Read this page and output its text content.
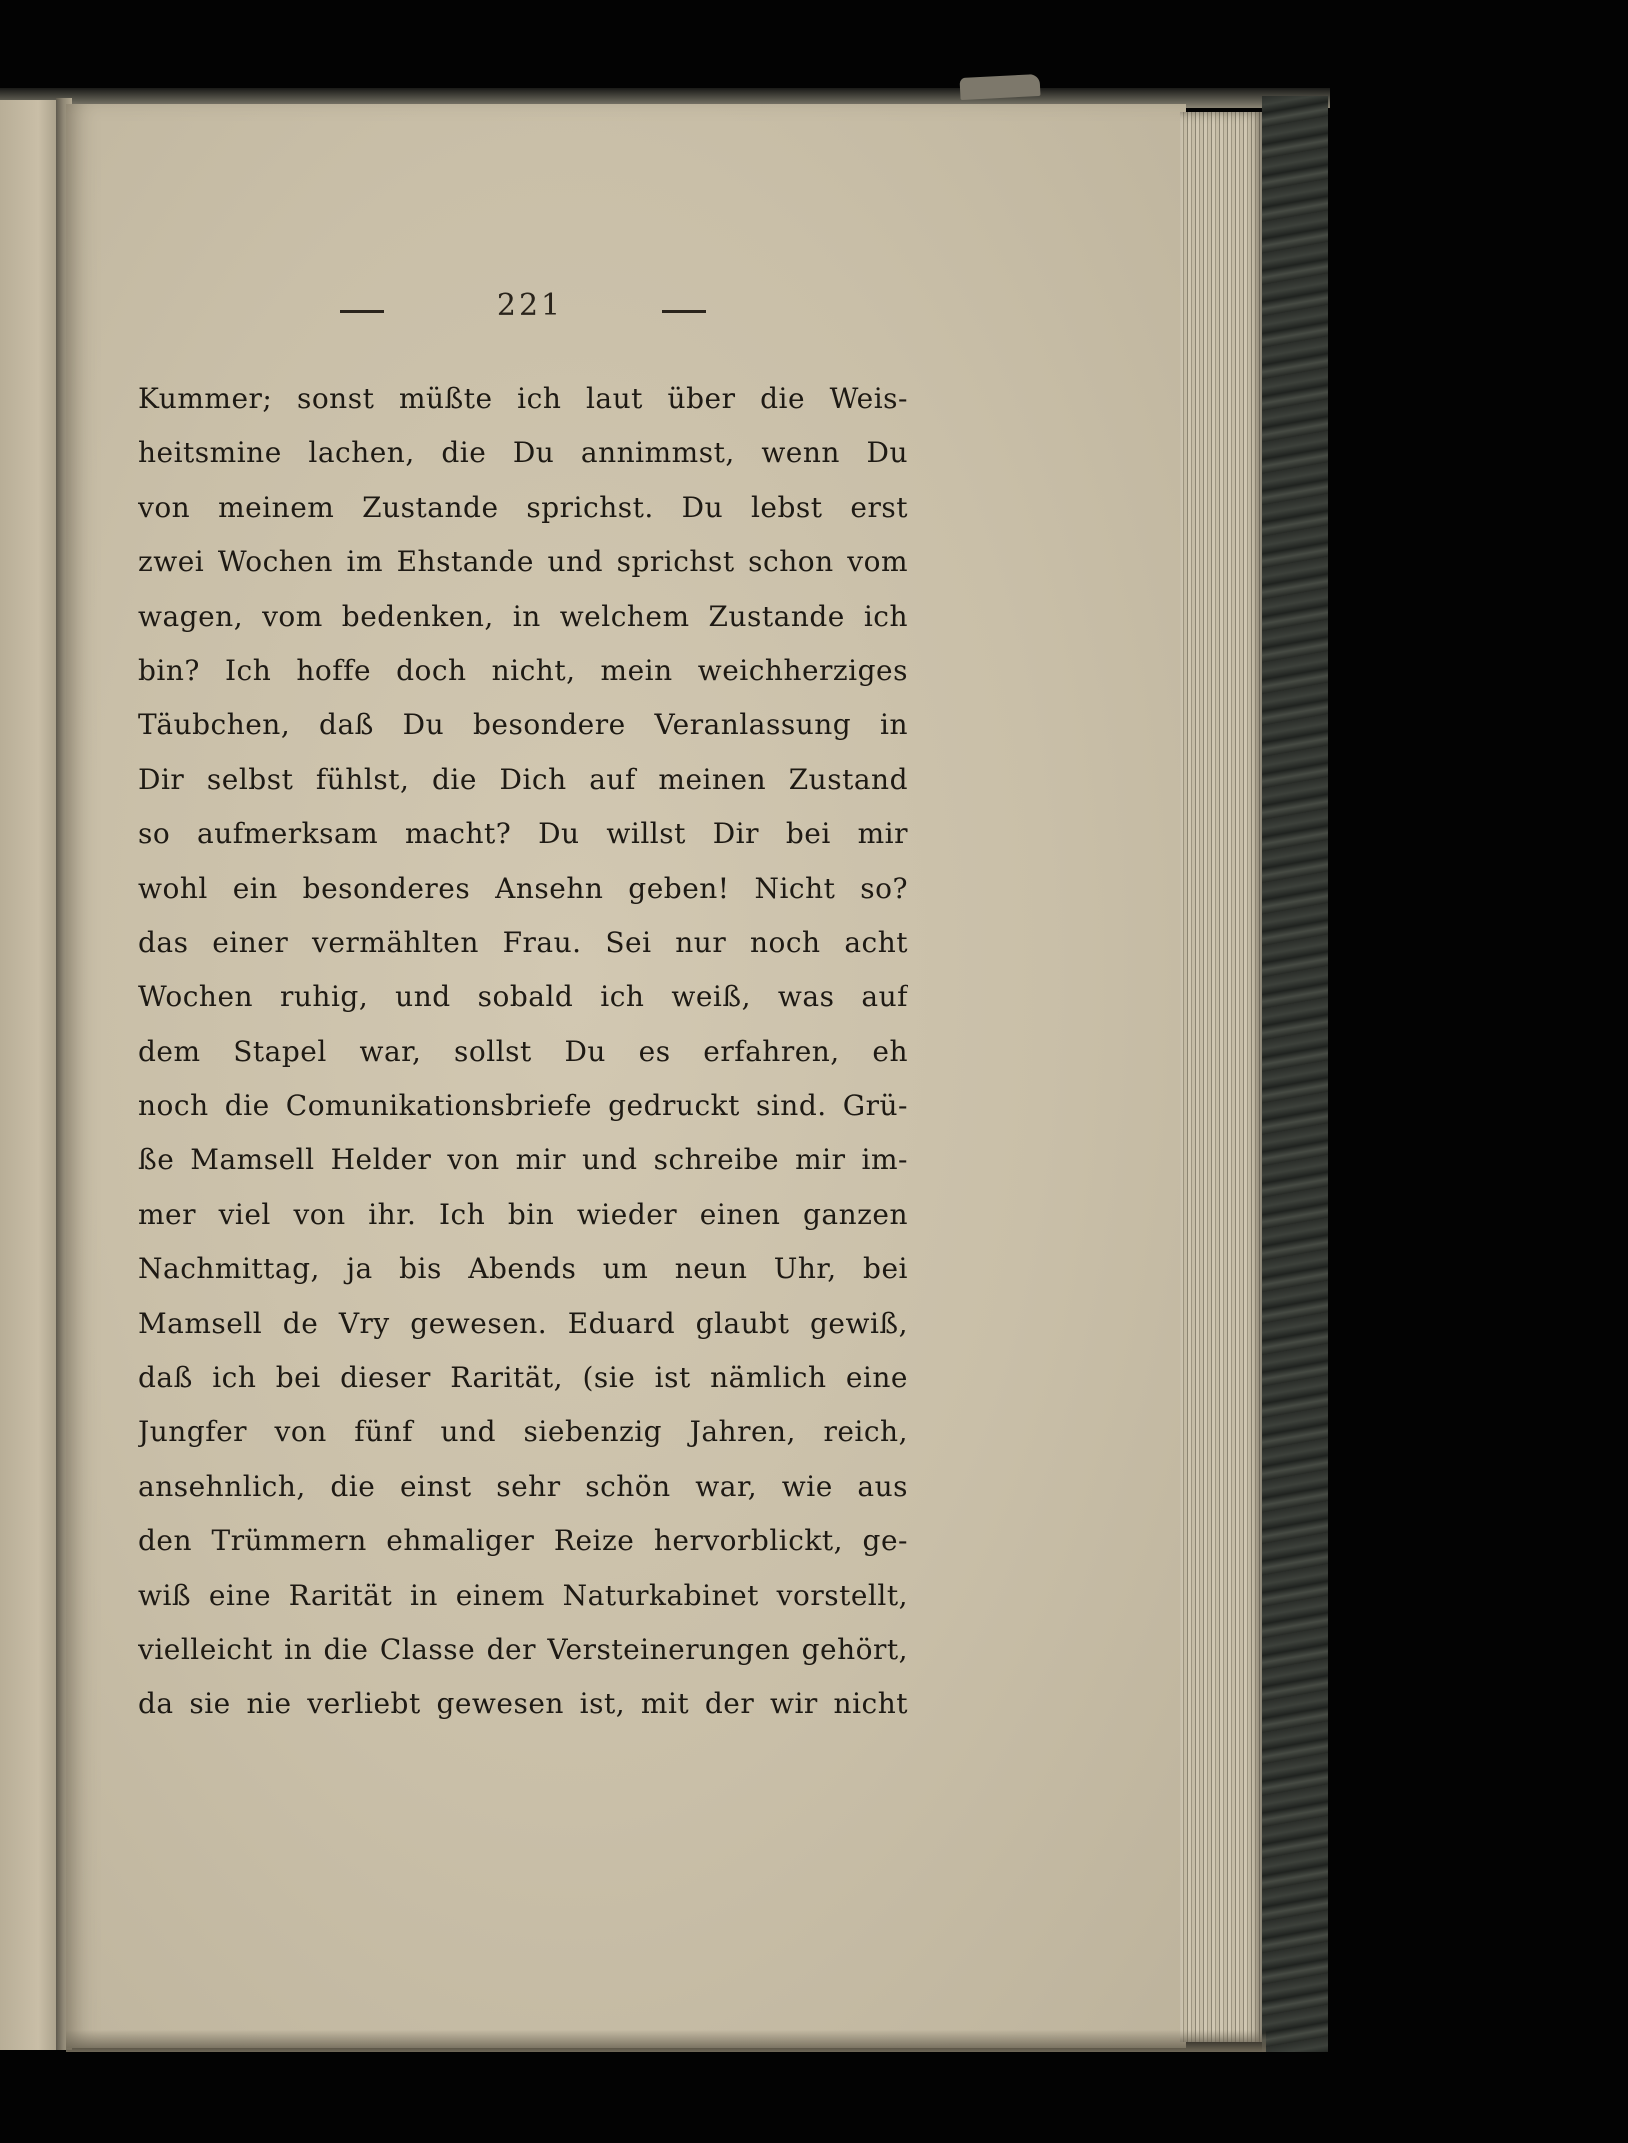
221
Kummer; sonst müßte ich laut über die Weis-
heitsmine lachen, die Du annimmst, wenn Du
von meinem Zustande sprichst. Du lebst erst
zwei Wochen im Ehstande und sprichst schon vom
wagen, vom bedenken, in welchem Zustande ich
bin? Ich hoffe doch nicht, mein weichherziges
Täubchen, daß Du besondere Veranlassung in
Dir selbst fühlst, die Dich auf meinen Zustand
so aufmerksam macht? Du willst Dir bei mir
wohl ein besonderes Ansehn geben! Nicht so?
das einer vermählten Frau. Sei nur noch acht
Wochen ruhig, und sobald ich weiß, was auf
dem Stapel war, sollst Du es erfahren, eh
noch die Comunikationsbriefe gedruckt sind. Grü-
ße Mamsell Helder von mir und schreibe mir im-
mer viel von ihr. Ich bin wieder einen ganzen
Nachmittag, ja bis Abends um neun Uhr, bei
Mamsell de Vry gewesen. Eduard glaubt gewiß,
daß ich bei dieser Rarität, (sie ist nämlich eine
Jungfer von fünf und siebenzig Jahren, reich,
ansehnlich, die einst sehr schön war, wie aus
den Trümmern ehmaliger Reize hervorblickt, ge-
wiß eine Rarität in einem Naturkabinet vorstellt,
vielleicht in die Classe der Versteinerungen gehört,
da sie nie verliebt gewesen ist, mit der wir nicht
